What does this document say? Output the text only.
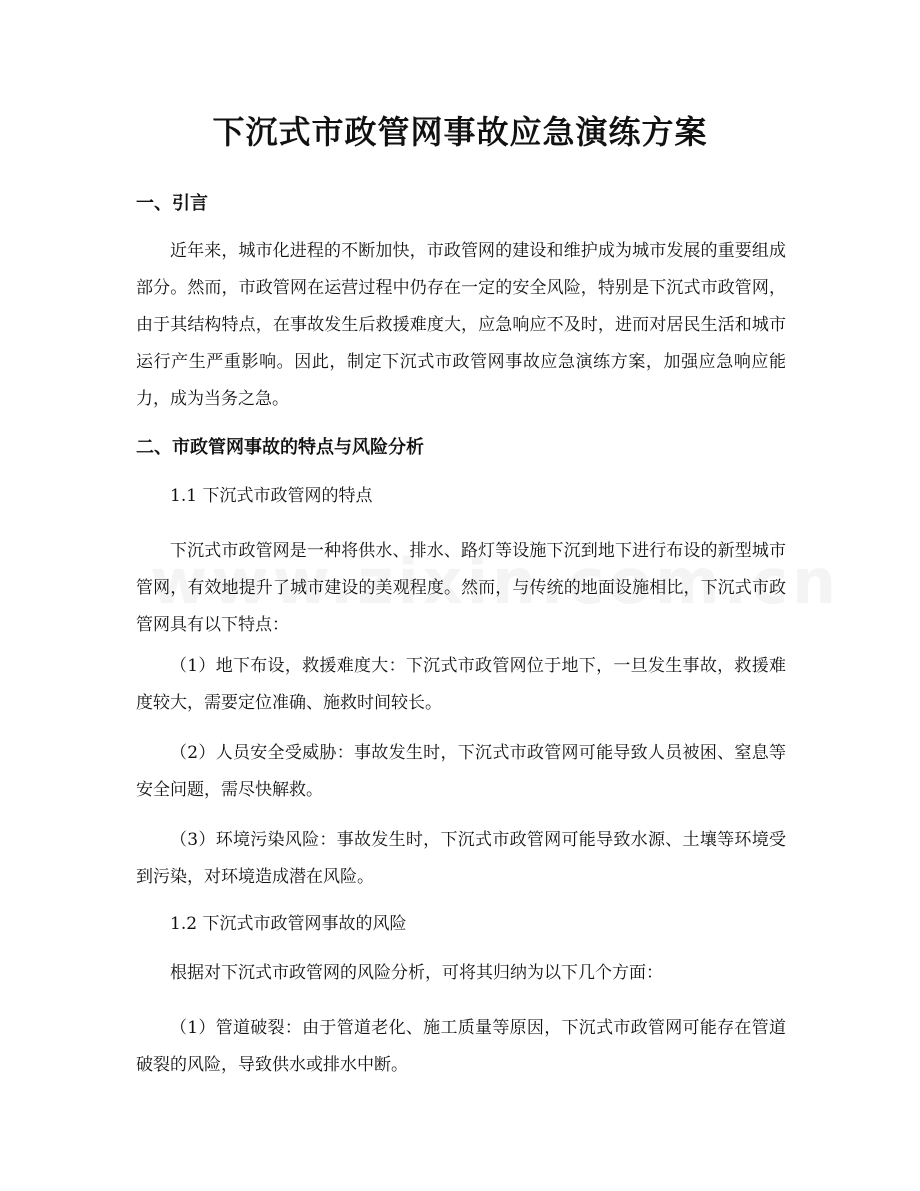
下沉式市政管网事故应急演练方案
一、引言

近年来，城市化进程的不断加快，市政管网的建设和维护成为城市发展的重要组成部分。然而，市政管网在运营过程中仍存在一定的安全风险，特别是下沉式市政管网，由于其结构特点，在事故发生后救援难度大，应急响应不及时，进而对居民生活和城市运行产生严重影响。因此，制定下沉式市政管网事故应急演练方案，加强应急响应能力，成为当务之急。

二、市政管网事故的特点与风险分析

1.1 下沉式市政管网的特点

下沉式市政管网是一种将供水、排水、路灯等设施下沉到地下进行布设的新型城市管网，有效地提升了城市建设的美观程度。然而，与传统的地面设施相比，下沉式市政管网具有以下特点：

（1）地下布设，救援难度大：下沉式市政管网位于地下，一旦发生事故，救援难度较大，需要定位准确、施救时间较长。

（2）人员安全受威胁：事故发生时，下沉式市政管网可能导致人员被困、窒息等安全问题，需尽快解救。

（3）环境污染风险：事故发生时，下沉式市政管网可能导致水源、土壤等环境受到污染，对环境造成潜在风险。

1.2 下沉式市政管网事故的风险

根据对下沉式市政管网的风险分析，可将其归纳为以下几个方面：

（1）管道破裂：由于管道老化、施工质量等原因，下沉式市政管网可能存在管道破裂的风险，导致供水或排水中断。
